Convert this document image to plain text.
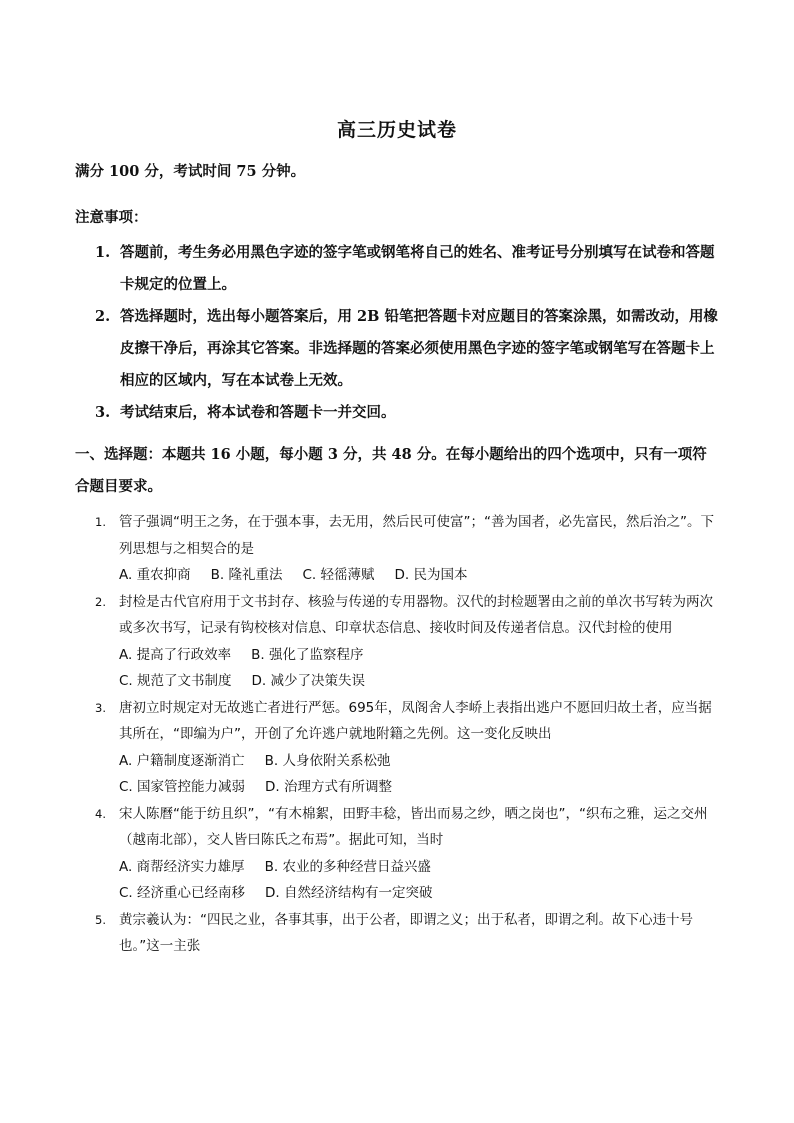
高三历史试卷
满分 100 分，考试时间 75 分钟。
注意事项：
1. 答题前，考生务必用黑色字迹的签字笔或钢笔将自己的姓名、准考证号分别填写在试卷和答题卡规定的位置上。
2. 答选择题时，选出每小题答案后，用 2B 铅笔把答题卡对应题目的答案涂黑，如需改动，用橡皮擦干净后，再涂其它答案。非选择题的答案必须使用黑色字迹的签字笔或钢笔写在答题卡上相应的区域内，写在本试卷上无效。
3. 考试结束后，将本试卷和答题卡一并交回。
一、选择题：本题共 16 小题，每小题 3 分，共 48 分。在每小题给出的四个选项中，只有一项符合题目要求。
1. 管子强调“明王之务，在于强本事，去无用，然后民可使富”；“善为国者，必先富民，然后治之”。下列思想与之相契合的是
A. 重农抑商 B. 隆礼重法 C. 轻徭薄赋 D. 民为国本
2. 封检是古代官府用于文书封存、核验与传递的专用器物。汉代的封检题署由之前的单次书写转为两次或多次书写，记录有钩校核对信息、印章状态信息、接收时间及传递者信息。汉代封检的使用
A. 提高了行政效率 B. 强化了监察程序
C. 规范了文书制度 D. 减少了决策失误
3. 唐初立时规定对无故逃亡者进行严惩。695年，凤阁舍人李峤上表指出逃户不愿回归故土者，应当据其所在，“即编为户”，开创了允许逃户就地附籍之先例。这一变化反映出
A. 户籍制度逐渐消亡 B. 人身依附关系松弛
C. 国家管控能力减弱 D. 治理方式有所调整
4. 宋人陈曆“能于纺且织”，“有木棉絮，田野丰稔，皆出而易之纱，晒之岗也”，“织布之雅，运之交州（越南北部），交人皆曰陈氏之布焉”。据此可知，当时
A. 商帮经济实力雄厚 B. 农业的多种经营日益兴盛
C. 经济重心已经南移 D. 自然经济结构有一定突破
5. 黄宗羲认为：“四民之业，各事其事，出于公者，即谓之义；出于私者，即谓之利。故下心违十号也。”这一主张
